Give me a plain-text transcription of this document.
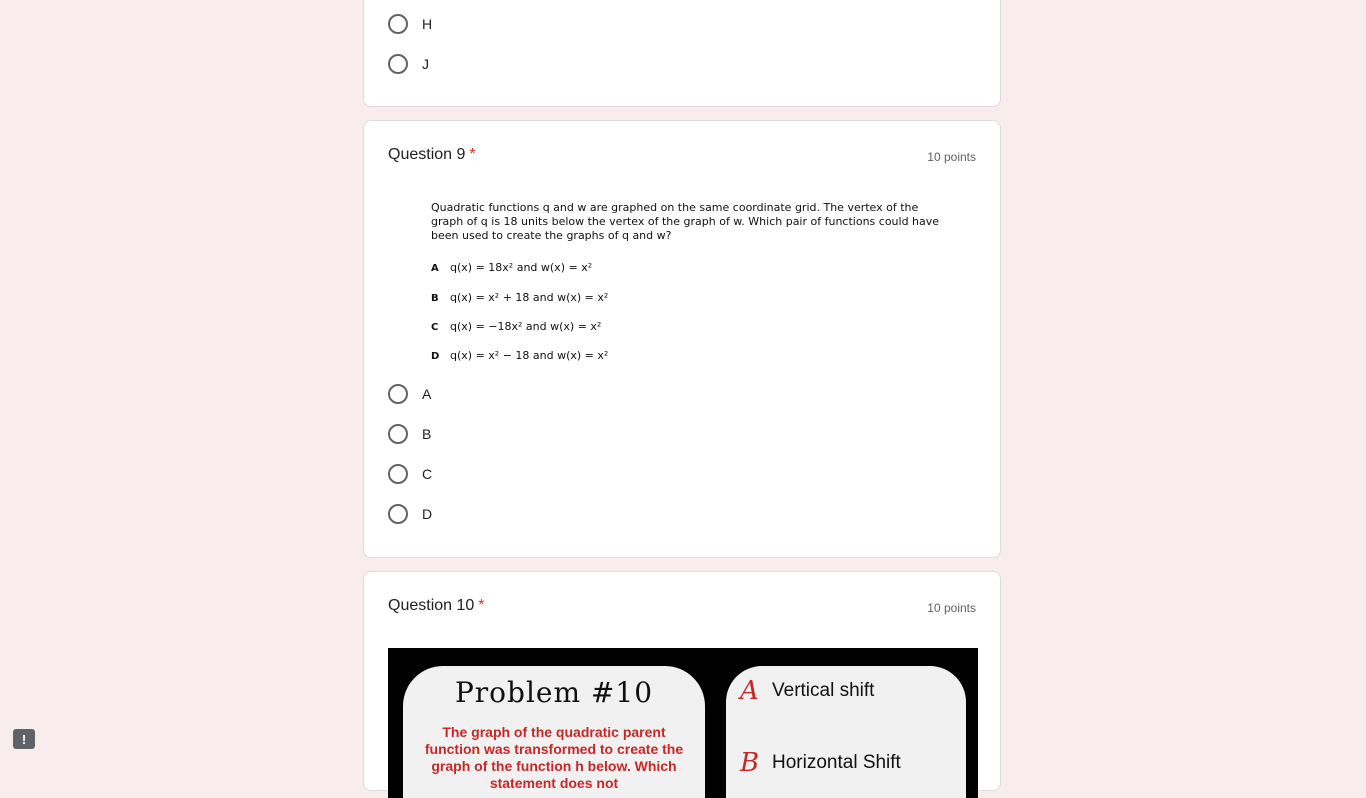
H
J
Question 9 *	10 points
Quadratic functions q and w are graphed on the same coordinate grid. The vertex of the graph of q is 18 units below the vertex of the graph of w. Which pair of functions could have been used to create the graphs of q and w?
A	q(x) = 18x² and w(x) = x²
B	q(x) = x² + 18 and w(x) = x²
C	q(x) = −18x² and w(x) = x²
D q(x) = x² − 18 and w(x) = x²
A
B
C
D
Question 10 *	10 points
Problem #10
The graph of the quadratic parent function was transformed to create the graph of the function h below. Which statement does not
A Vertical shift
B Horizontal Shift
!
